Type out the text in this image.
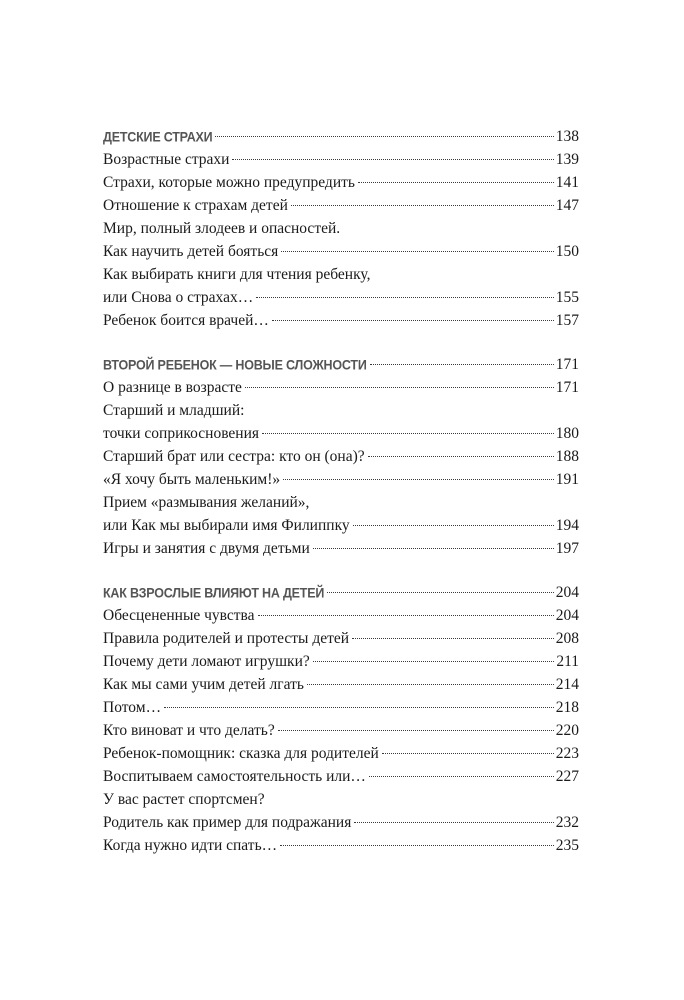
ДЕТСКИЕ СТРАХИ	138
Возрастные страхи	139
Страхи, которые можно предупредить	141
Отношение к страхам детей	147
Мир, полный злодеев и опасностей.
Как научить детей бояться	150
Как выбирать книги для чтения ребенку,
или Снова о страхах…	155
Ребенок боится врачей…	157
ВТОРОЙ РЕБЕНОК — НОВЫЕ СЛОЖНОСТИ	171
О разнице в возрасте	171
Старший и младший:
точки соприкосновения	180
Старший брат или сестра: кто он (она)?	188
«Я хочу быть маленьким!»	191
Прием «размывания желаний»,
или Как мы выбирали имя Филиппку	194
Игры и занятия с двумя детьми	197
КАК ВЗРОСЛЫЕ ВЛИЯЮТ НА ДЕТЕЙ	204
Обесцененные чувства	204
Правила родителей и протесты детей	208
Почему дети ломают игрушки?	211
Как мы сами учим детей лгать	214
Потом…	218
Кто виноват и что делать?	220
Ребенок-помощник: сказка для родителей	223
Воспитываем самостоятельность или…	227
У вас растет спортсмен?
Родитель как пример для подражания	232
Когда нужно идти спать…	235
